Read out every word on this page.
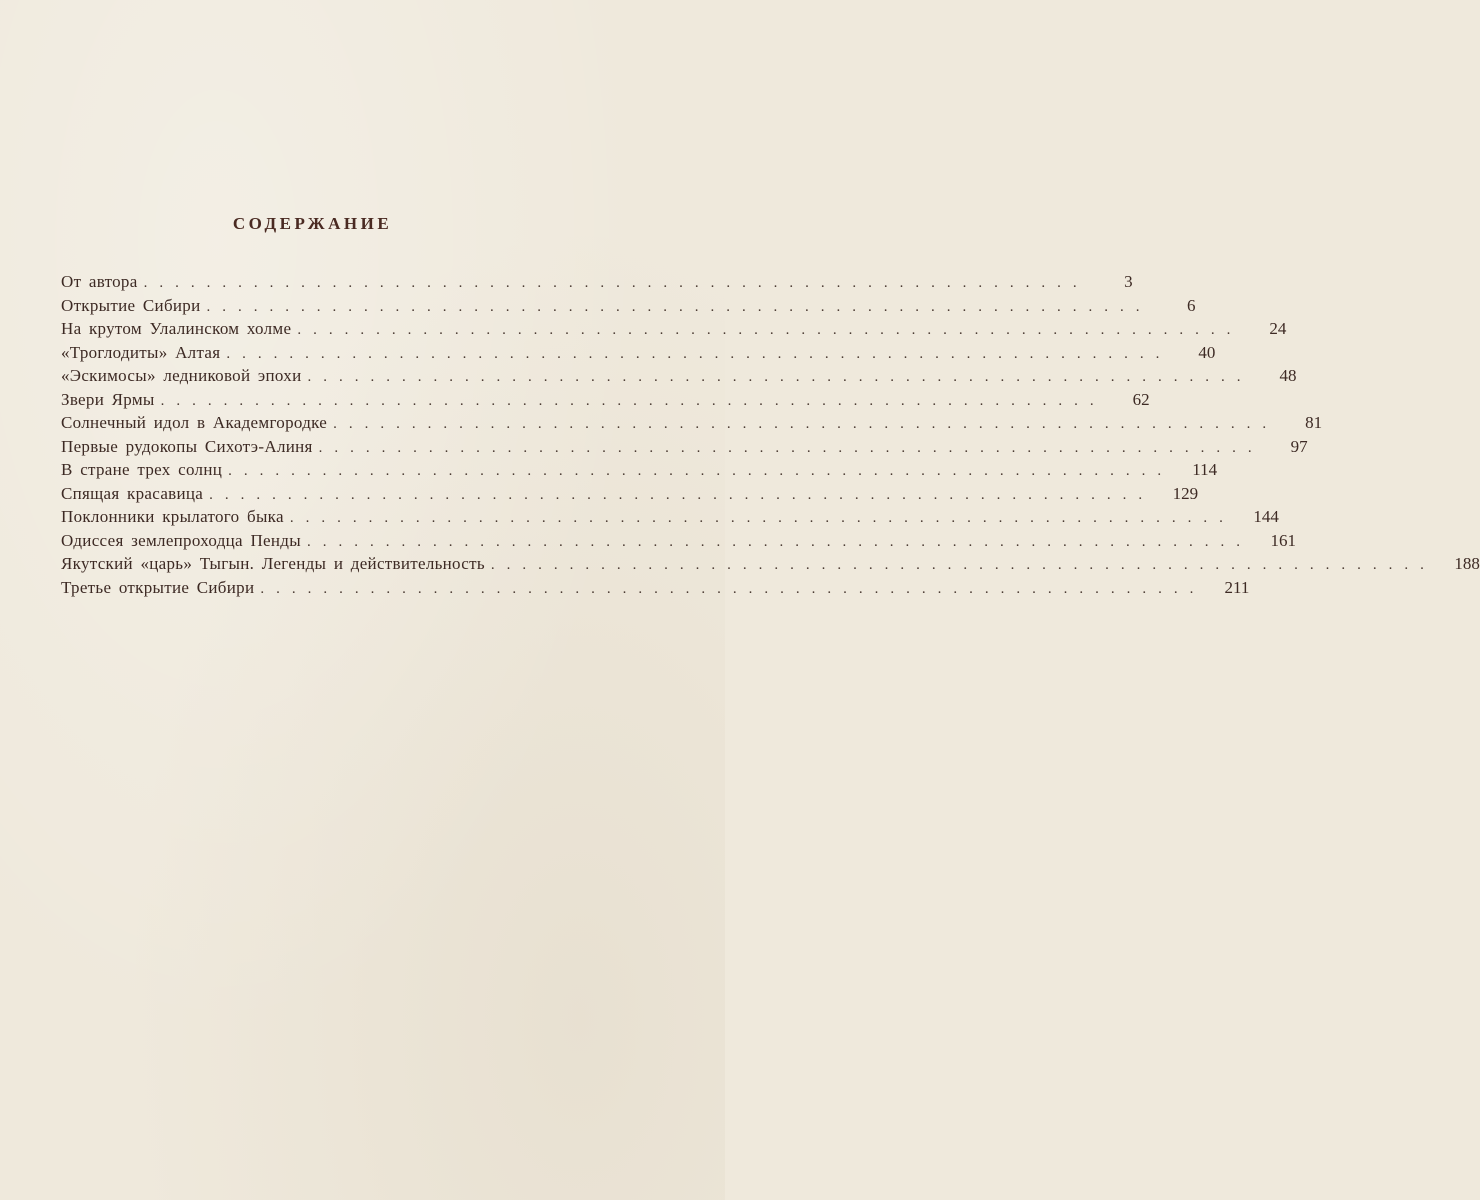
СОДЕРЖАНИЕ
От автора ............................................................	3
Открытие Сибири ............................................................	6
На крутом Улалинском холме ............................................................	24
«Троглодиты» Алтая ............................................................	40
«Эскимосы» ледниковой эпохи ............................................................	48
Звери Ярмы ............................................................	62
Солнечный идол в Академгородке ............................................................	81
Первые рудокопы Сихотэ-Алиня ............................................................	97
В стране трех солнц ............................................................	114
Спящая красавица ............................................................	129
Поклонники крылатого быка ............................................................	144
Одиссея землепроходца Пенды ............................................................	161
Якутский «царь» Тыгын. Легенды и действительность ............................................................	188
Третье открытие Сибири ............................................................	211
